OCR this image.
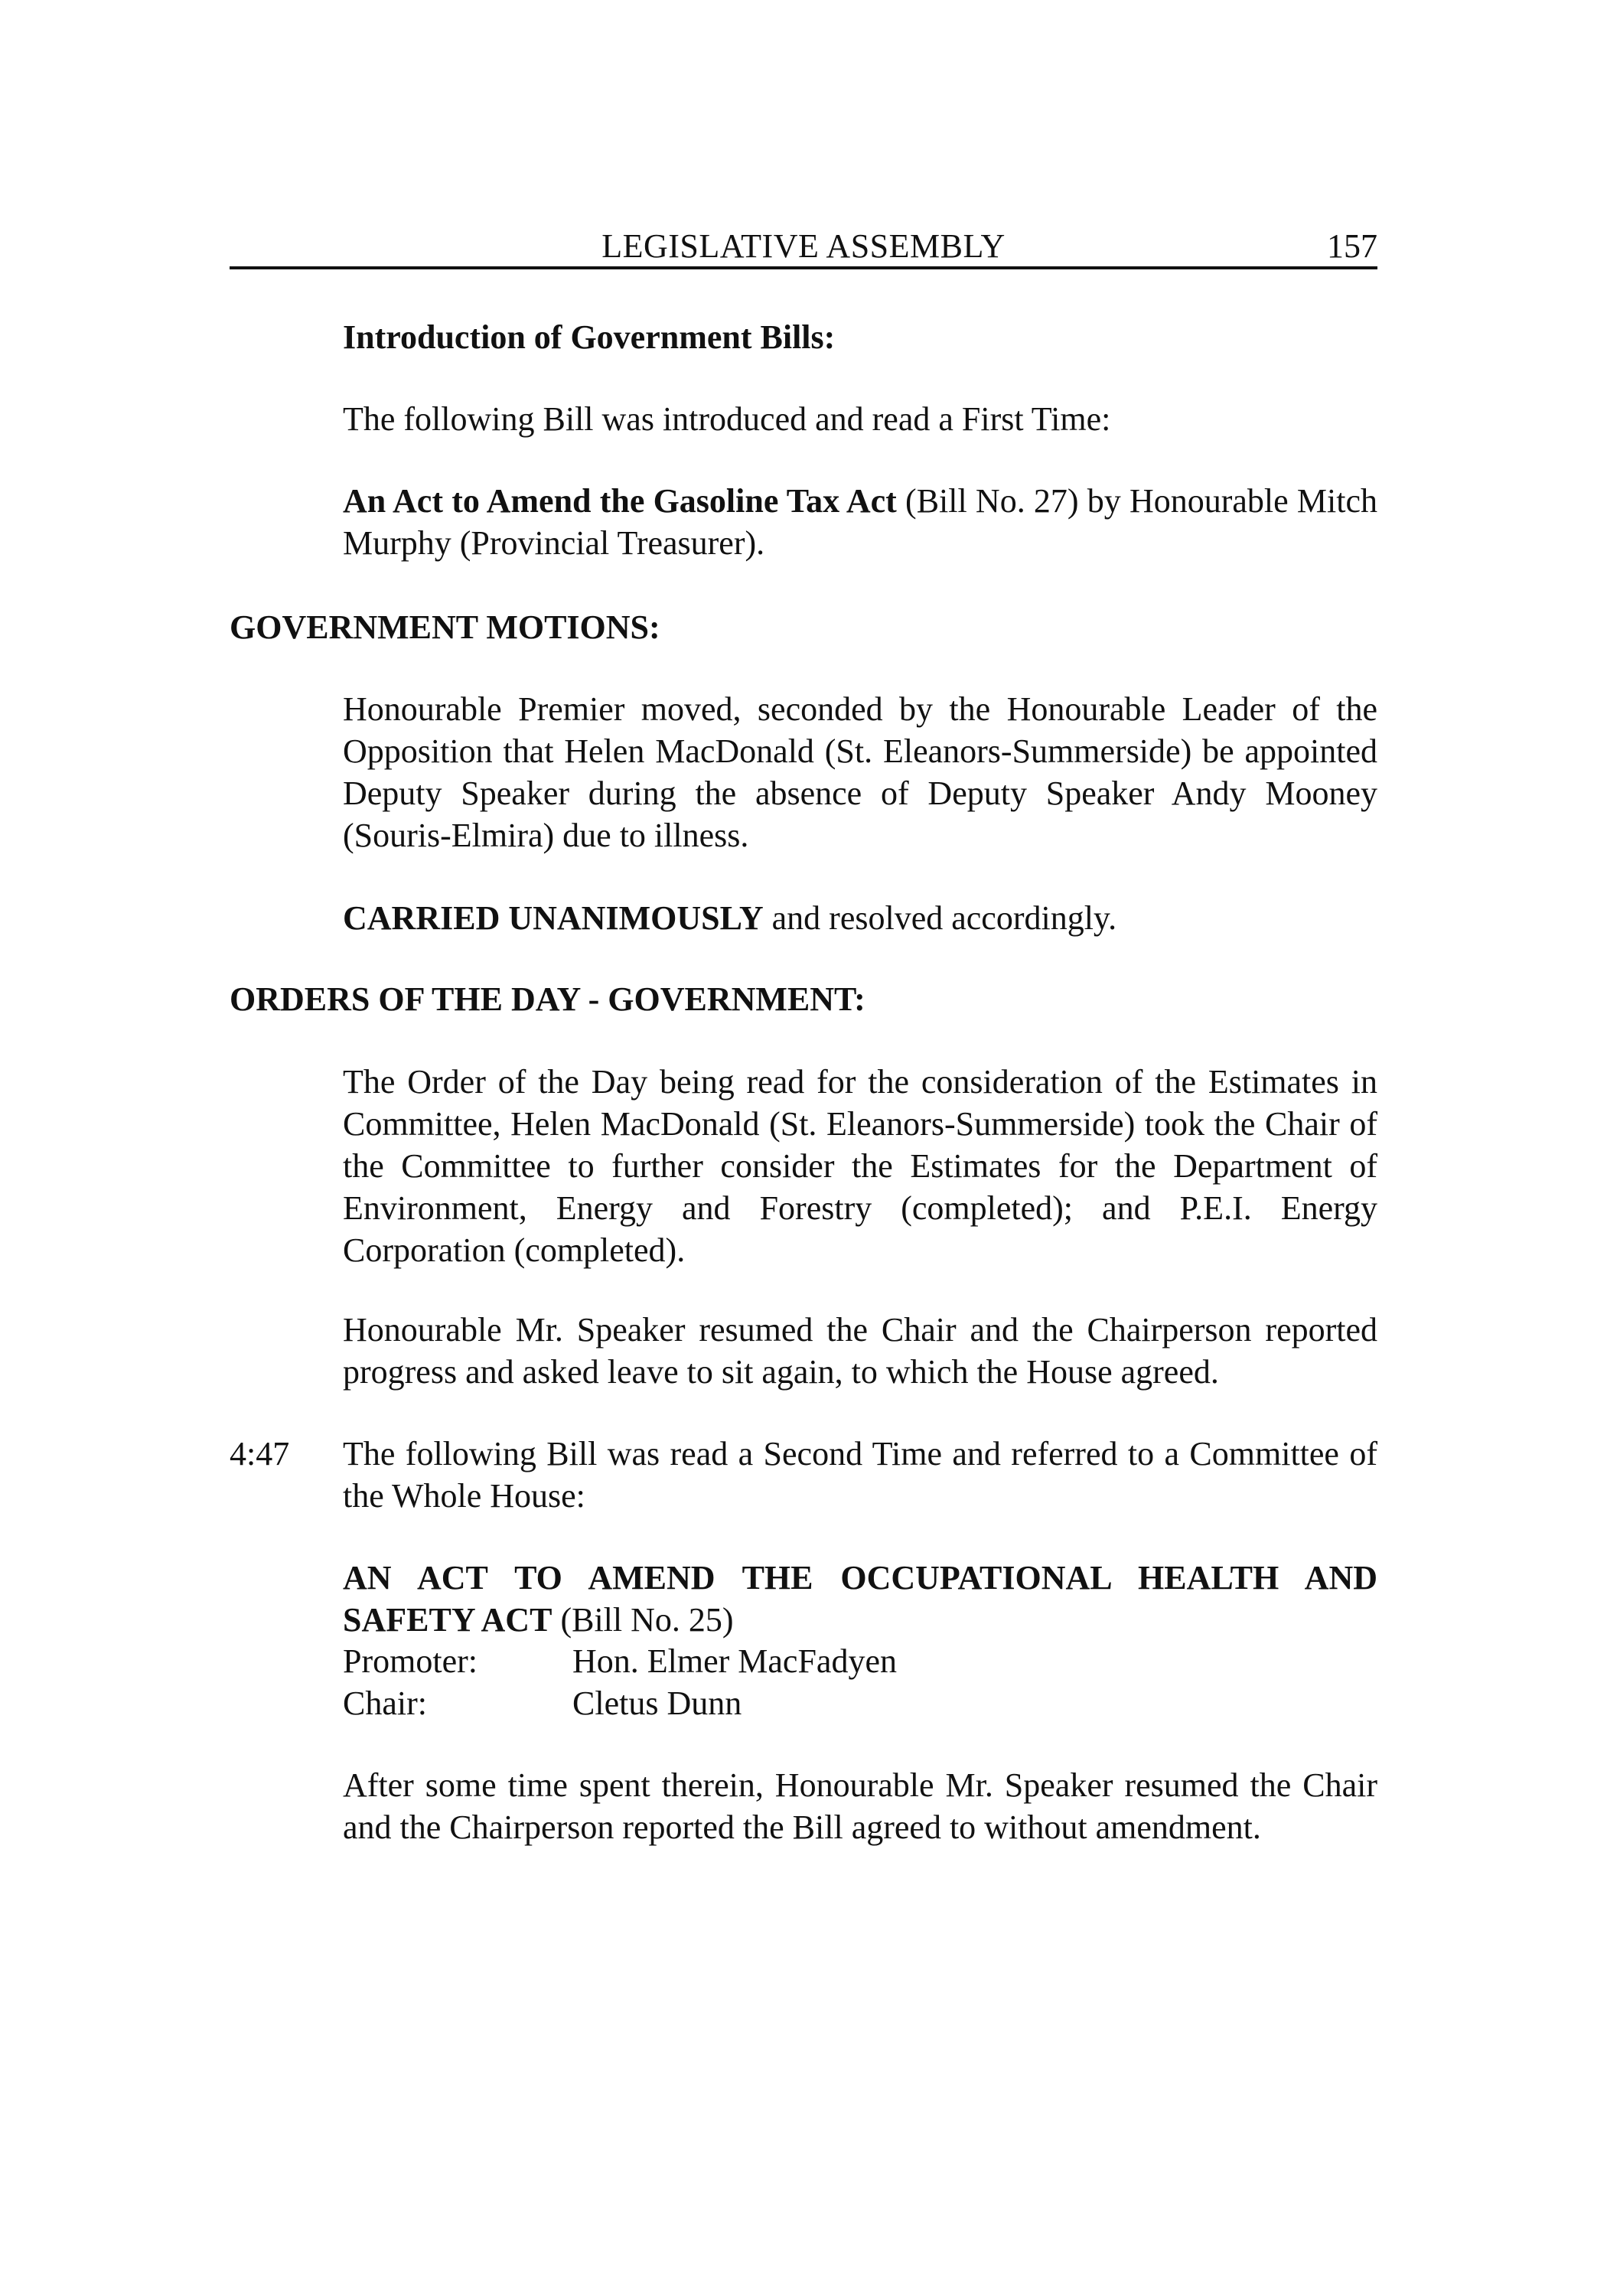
LEGISLATIVE ASSEMBLY	157
Introduction of Government Bills:
The following Bill was introduced and read a First Time:
An Act to Amend the Gasoline Tax Act (Bill No. 27) by Honourable Mitch Murphy (Provincial Treasurer).
GOVERNMENT MOTIONS:
Honourable Premier moved, seconded by the Honourable Leader of the Opposition that Helen MacDonald (St. Eleanors-Summerside) be appointed Deputy Speaker during the absence of Deputy Speaker Andy Mooney (Souris-Elmira) due to illness.
CARRIED UNANIMOUSLY and resolved accordingly.
ORDERS OF THE DAY - GOVERNMENT:
The Order of the Day being read for the consideration of the Estimates in Committee, Helen MacDonald (St. Eleanors-Summerside) took the Chair of the Committee to further consider the Estimates for the Department of Environment, Energy and Forestry (completed); and P.E.I. Energy Corporation (completed).
Honourable Mr. Speaker resumed the Chair and the Chairperson reported progress and asked leave to sit again, to which the House agreed.
4:47 The following Bill was read a Second Time and referred to a Committee of the Whole House:
AN ACT TO AMEND THE OCCUPATIONAL HEALTH AND SAFETY ACT (Bill No. 25)
Promoter:	Hon. Elmer MacFadyen
Chair:	Cletus Dunn
After some time spent therein, Honourable Mr. Speaker resumed the Chair and the Chairperson reported the Bill agreed to without amendment.
